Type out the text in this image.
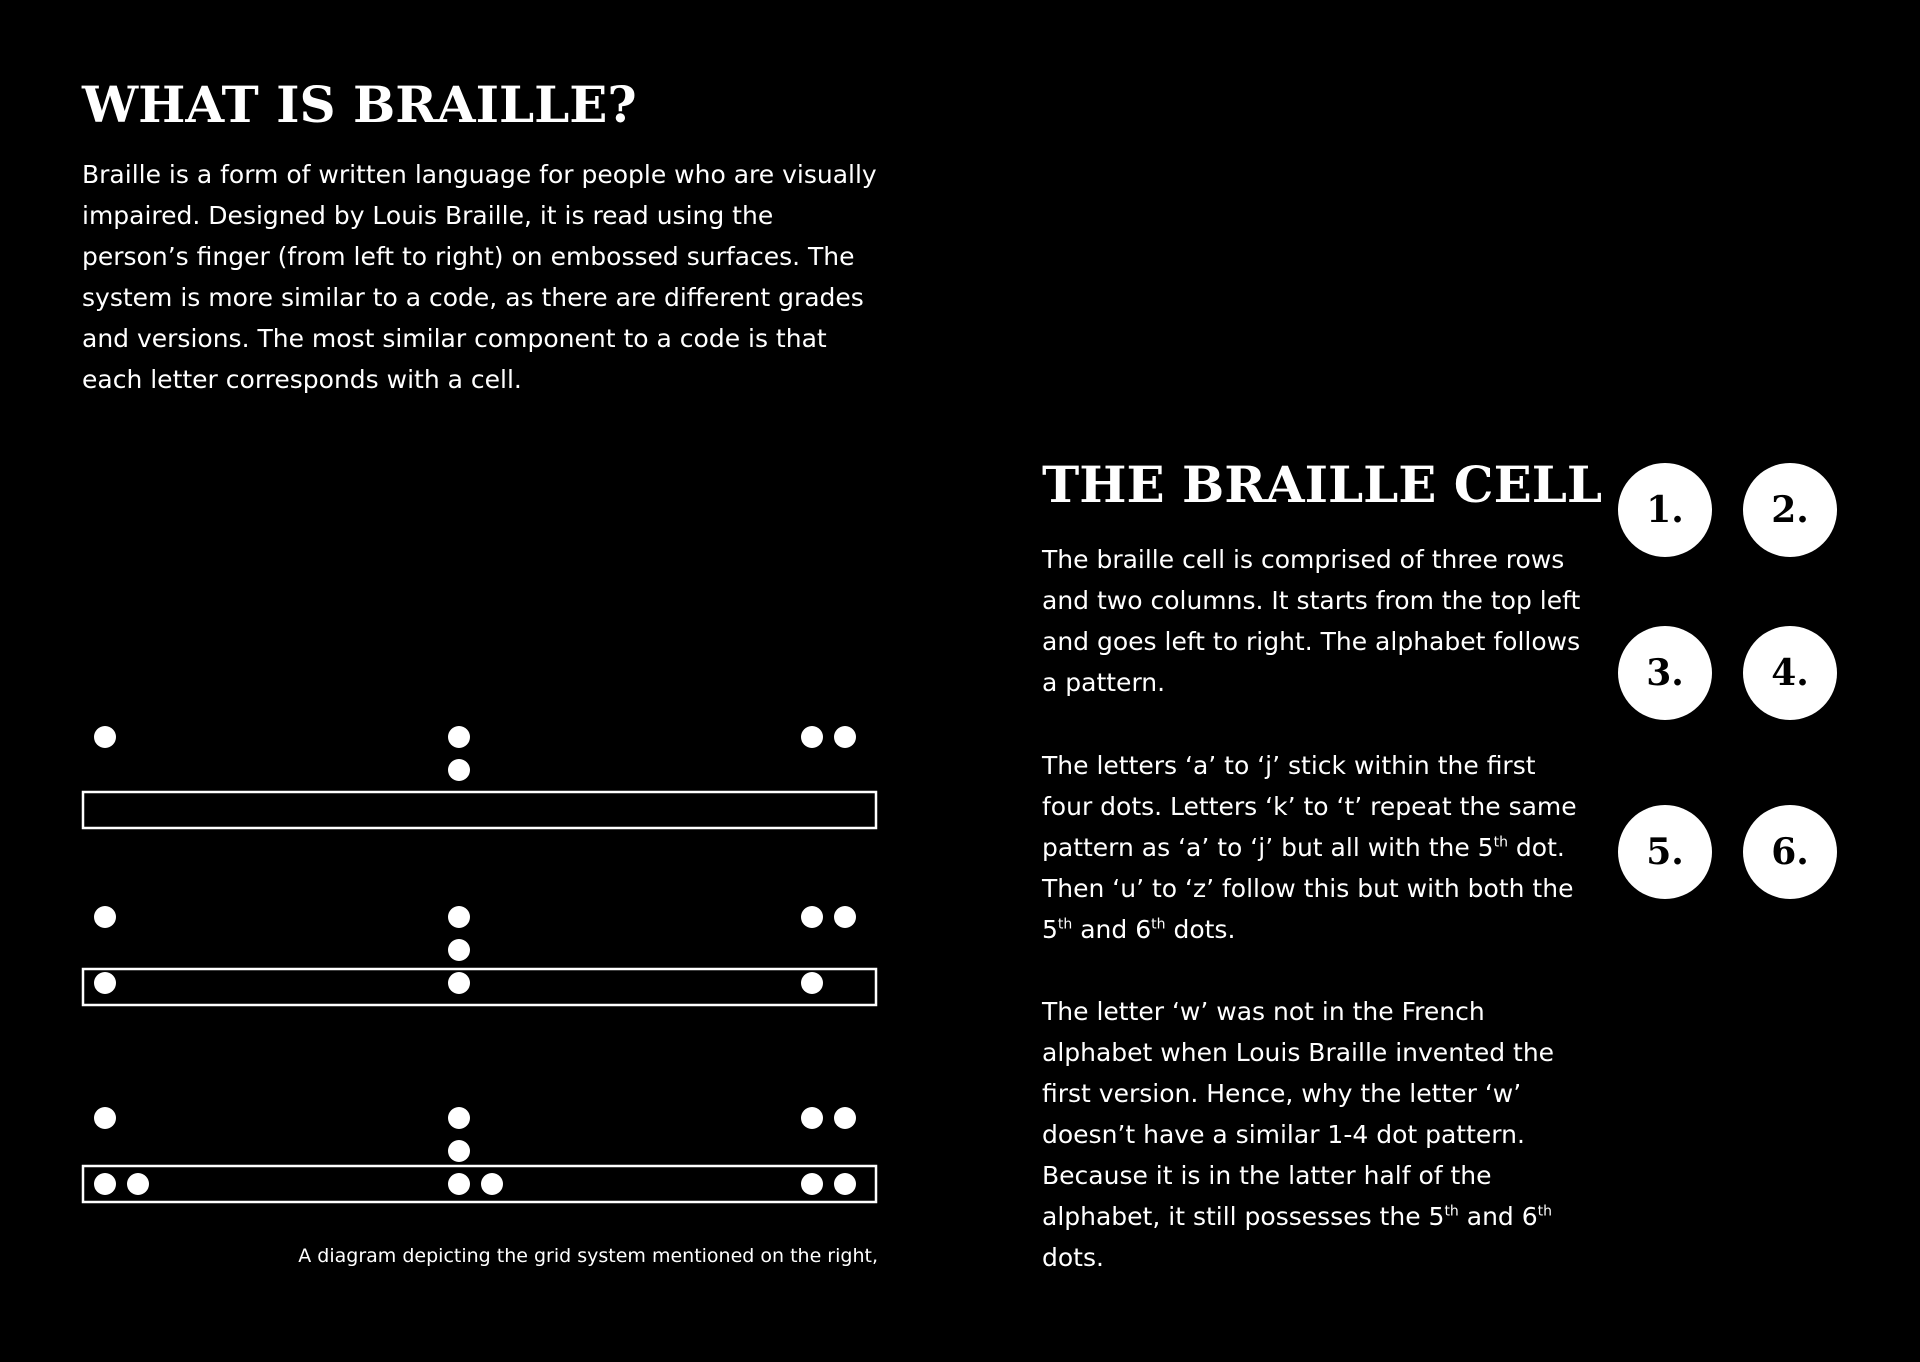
WHAT IS BRAILLE?

Braille is a form of written language for people who are visually impaired. Designed by Louis Braille, it is read using the person’s finger (from left to right) on embossed surfaces. The system is more similar to a code, as there are different grades and versions. The most similar component to a code is that each letter corresponds with a cell.

THE BRAILLE CELL

The braille cell is comprised of three rows and two columns. It starts from the top left and goes left to right. The alphabet follows a pattern.

The letters ‘a’ to ‘j’ stick within the first four dots. Letters ‘k’ to ‘t’ repeat the same pattern as ‘a’ to ‘j’ but all with the 5th dot. Then ‘u’ to ‘z’ follow this but with both the 5th and 6th dots.

The letter ‘w’ was not in the French alphabet when Louis Braille invented the first version. Hence, why the letter ‘w’ doesn’t have a similar 1-4 dot pattern. Because it is in the latter half of the alphabet, it still possesses the 5th and 6th dots.

1.	2.
3.	4.
5.	6.
A diagram depicting the grid system mentioned on the right,
